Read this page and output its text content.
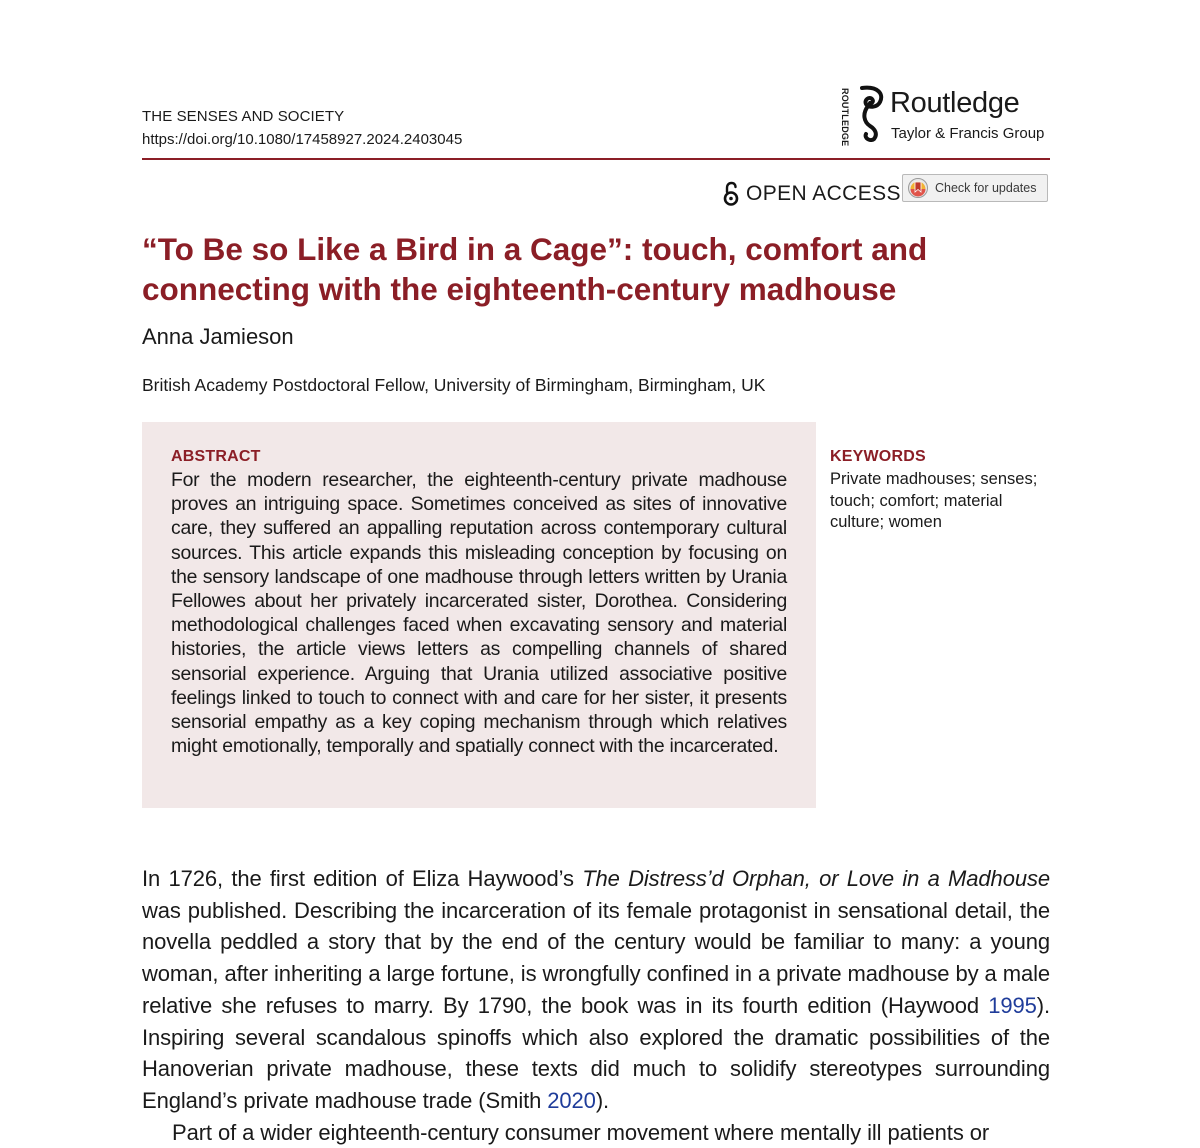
THE SENSES AND SOCIETY
https://doi.org/10.1080/17458927.2024.2403045	ROUTLEDGE Routledge
Taylor & Francis Group
OPEN ACCESS	Check for updates
“To Be so Like a Bird in a Cage”: touch, comfort and connecting with the eighteenth-century madhouse
Anna Jamieson
British Academy Postdoctoral Fellow, University of Birmingham, Birmingham, UK
ABSTRACT
For the modern researcher, the eighteenth-century private madhouse proves an intriguing space. Sometimes conceived as sites of innovative care, they suffered an appalling reputation across contemporary cultural sources. This article expands this misleading conception by focusing on the sensory landscape of one madhouse through letters written by Urania Fellowes about her privately incarcerated sister, Dorothea. Considering methodological challenges faced when excavating sensory and material histories, the article views letters as compelling channels of shared sensorial experience. Arguing that Urania utilized associative positive feelings linked to touch to connect with and care for her sister, it presents sensorial empathy as a key coping mechanism through which relatives might emotionally, temporally and spatially connect with the incarcerated.
KEYWORDS
Private madhouses; senses; touch; comfort; material culture; women

In 1726, the first edition of Eliza Haywood’s The Distress’d Orphan, or Love in a Madhouse was published. Describing the incarceration of its female protagonist in sensational detail, the novella peddled a story that by the end of the century would be familiar to many: a young woman, after inheriting a large fortune, is wrongfully confined in a private madhouse by a male relative she refuses to marry. By 1790, the book was in its fourth edition (Haywood 1995). Inspiring several scandalous spinoffs which also explored the dramatic possibilities of the Hanoverian private madhouse, these texts did much to solidify stereotypes surrounding England’s private madhouse trade (Smith 2020).

Part of a wider eighteenth-century consumer movement where mentally ill patients or
